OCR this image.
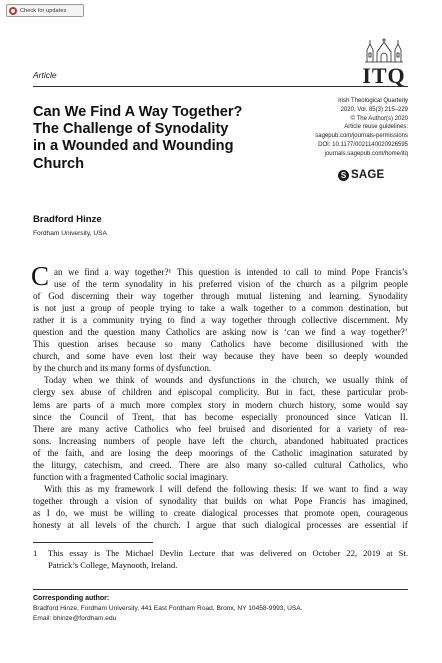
Check for updates
ITQ
Article
Can We Find A Way Together?
The Challenge of Synodality
in a Wounded and Wounding
Church
Irish Theological Quarterly
2020, Vol. 85(3) 215–229
© The Author(s) 2020
Article reuse guidelines:
sagepub.com/journals-permissions
DOI: 10.1177/0021140020926595
journals.sagepub.com/home/itq
S SAGE
Bradford Hinze
Fordham University, USA
C an we find a way together?¹ This question is intended to call to mind Pope Francis’s
use of the term synodality in his preferred vision of the church as a pilgrim people
of God discerning their way together through mutual listening and learning. Synodality
is not just a group of people trying to take a walk together to a common destination, but
rather it is a community trying to find a way together through collective discernment. My
question and the question many Catholics are asking now is ‘can we find a way together?’
This question arises because so many Catholics have become disillusioned with the
church, and some have even lost their way because they have been so deeply wounded
by the church and its many forms of dysfunction.
Today when we think of wounds and dysfunctions in the church, we usually think of
clergy sex abuse of children and episcopal complicity. But in fact, these particular prob-
lems are parts of a much more complex story in modern church history, some would say
since the Council of Trent, that has become especially pronounced since Vatican II.
There are many active Catholics who feel bruised and disoriented for a variety of rea-
sons. Increasing numbers of people have left the church, abandoned habituated practices
of the faith, and are losing the deep moorings of the Catholic imagination saturated by
the liturgy, catechism, and creed. There are also many so-called cultural Catholics, who
function with a fragmented Catholic social imaginary.
With this as my framework I will defend the following thesis: If we want to find a way
together through a vision of synodality that builds on what Pope Francis has imagined,
as I do, we must be willing to create dialogical processes that promote open, courageous
honesty at all levels of the church. I argue that such dialogical processes are essential if
1	This essay is The Michael Devlin Lecture that was delivered on October 22, 2019 at St.
Patrick’s College, Maynooth, Ireland.
Corresponding author:
Bradford Hinze, Fordham University, 441 East Fordham Road, Bronx, NY 10458-9993, USA.
Email: bhinze@fordham.edu
